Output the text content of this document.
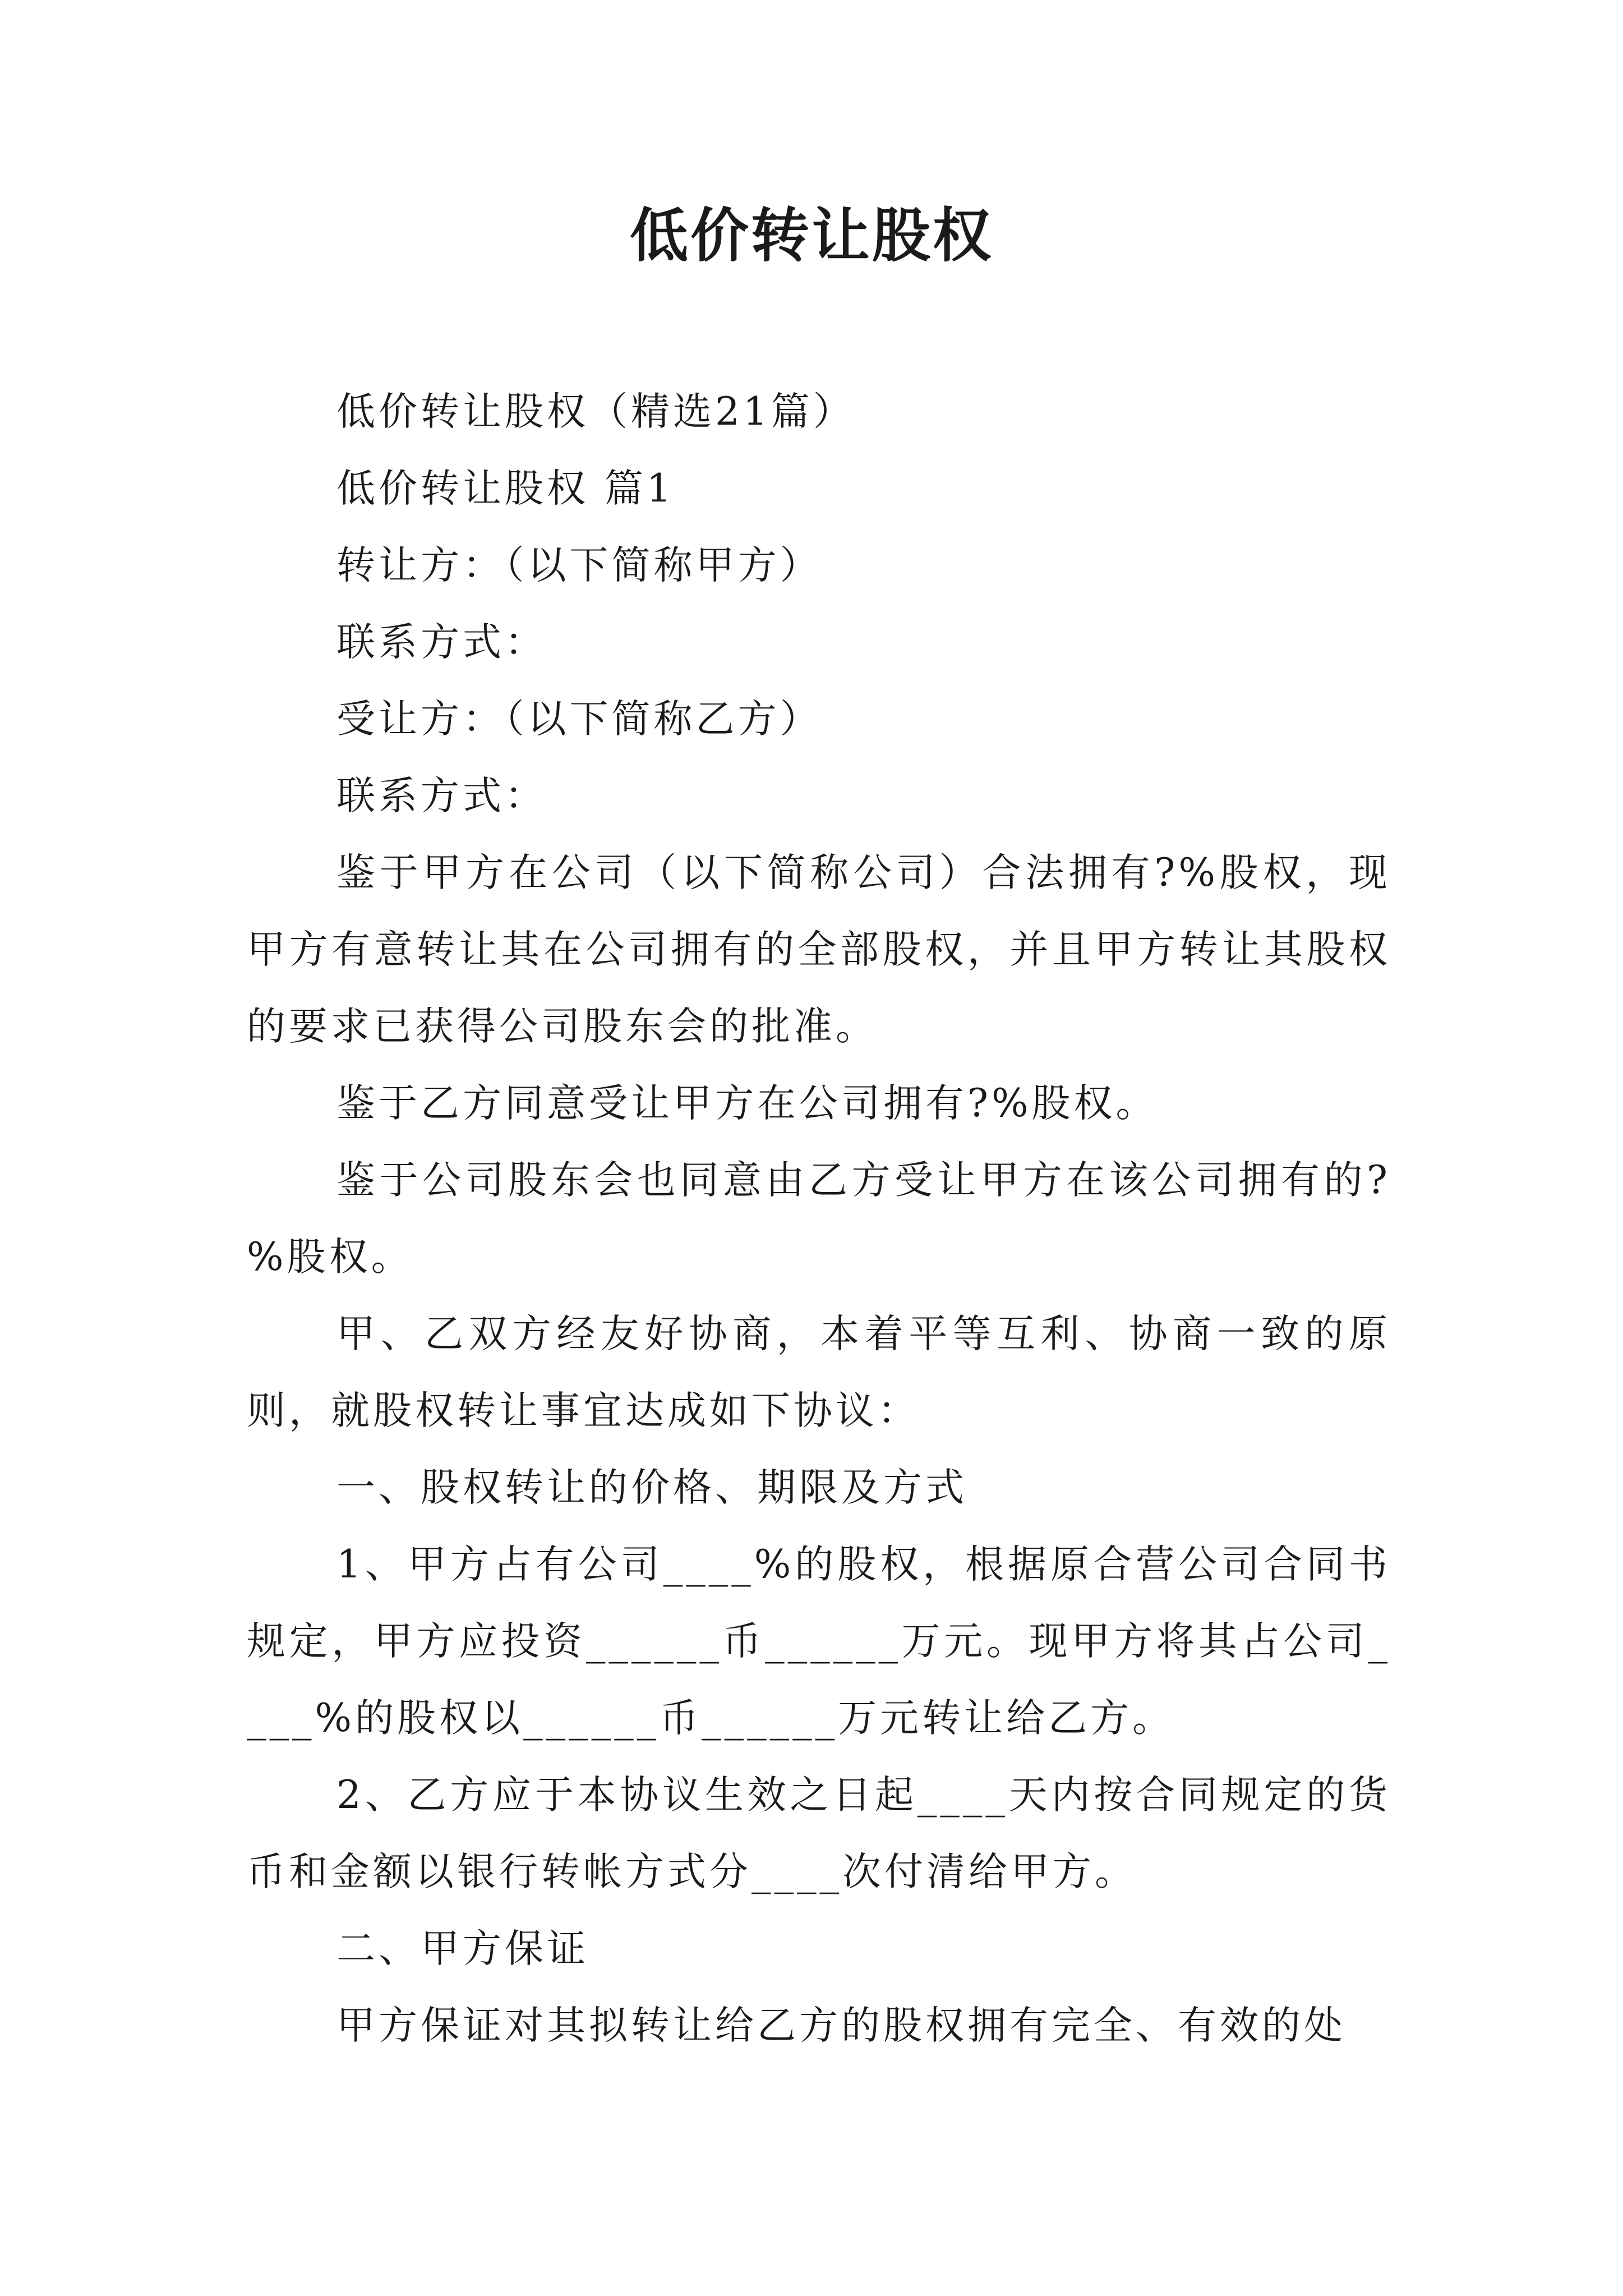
低价转让股权

低价转让股权（精选21篇）

低价转让股权 篇1

转让方：（以下简称甲方）

联系方式：

受让方：（以下简称乙方）

联系方式：

鉴于甲方在公司（以下简称公司）合法拥有?%股权，现甲方有意转让其在公司拥有的全部股权，并且甲方转让其股权的要求已获得公司股东会的批准。

鉴于乙方同意受让甲方在公司拥有?%股权。

鉴于公司股东会也同意由乙方受让甲方在该公司拥有的?%股权。

甲、乙双方经友好协商，本着平等互利、协商一致的原则，就股权转让事宜达成如下协议：

一、股权转让的价格、期限及方式

1、甲方占有公司____%的股权，根据原合营公司合同书规定，甲方应投资______币______万元。现甲方将其占公司____%的股权以______币______万元转让给乙方。

2、乙方应于本协议生效之日起____天内按合同规定的货币和金额以银行转帐方式分____次付清给甲方。

二、甲方保证

甲方保证对其拟转让给乙方的股权拥有完全、有效的处
